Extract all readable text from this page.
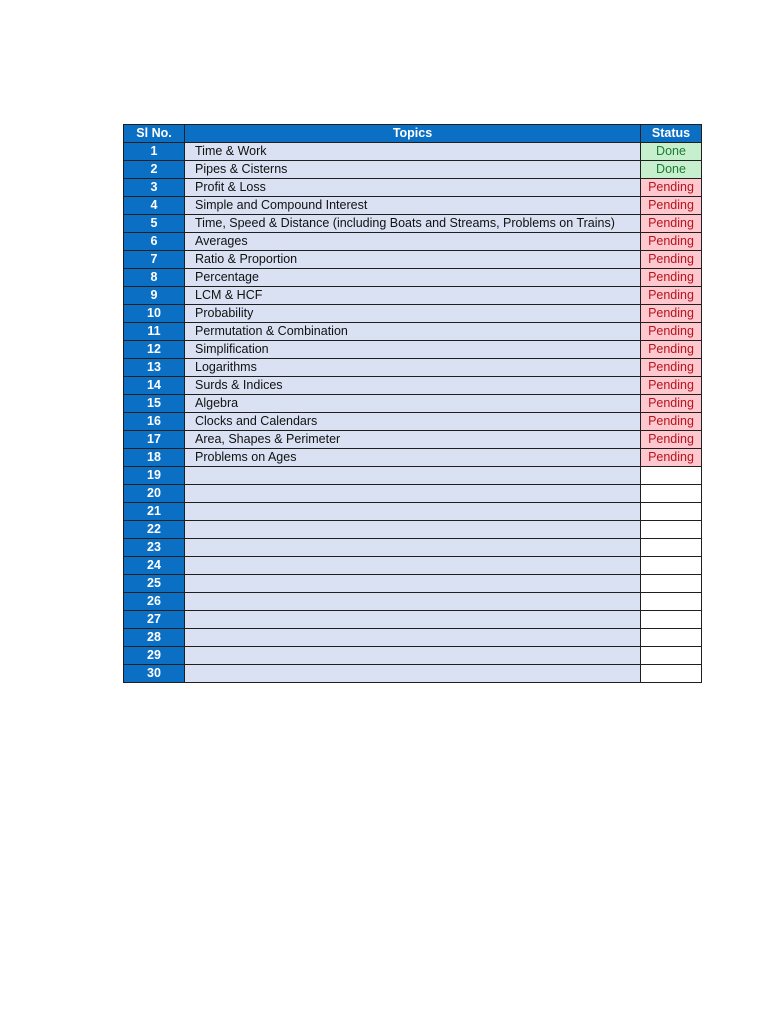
Sl No.	Topics	Status
1	Time & Work	Done
2	Pipes & Cisterns	Done
3	Profit & Loss	Pending
4	Simple and Compound Interest	Pending
5	Time, Speed & Distance (including Boats and Streams, Problems on Trains)	Pending
6	Averages	Pending
7	Ratio & Proportion	Pending
8	Percentage	Pending
9	LCM & HCF	Pending
10	Probability	Pending
11	Permutation & Combination	Pending
12	Simplification	Pending
13	Logarithms	Pending
14	Surds & Indices	Pending
15	Algebra	Pending
16	Clocks and Calendars	Pending
17	Area, Shapes & Perimeter	Pending
18	Problems on Ages	Pending
19		
20		
21		
22		
23		
24		
25		
26		
27		
28		
29		
30		
